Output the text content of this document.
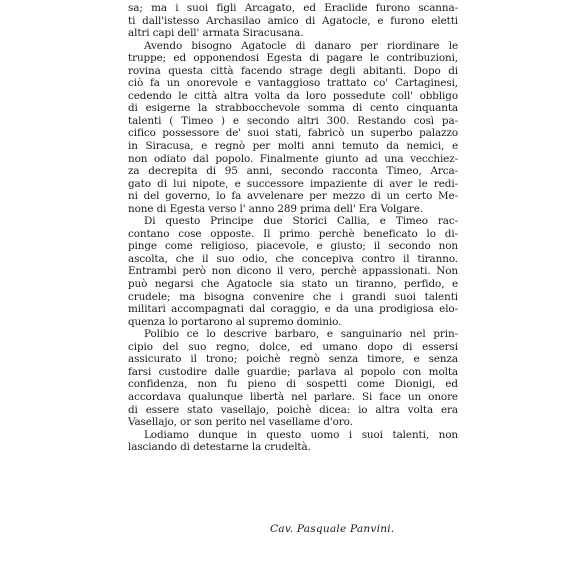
sa; ma i suoi figli Arcagato, ed Eraclide furono scanna-
ti dall'istesso Archasilao amico di Agatocle, e furono eletti
altri capi dell' armata Siracusana.
Avendo bisogno Agatocle di danaro per riordinare le
truppe; ed opponendosi Egesta di pagare le contribuzioni,
rovina questa città facendo strage degli abitanti. Dopo di
ciò fa un onorevole e vantaggioso trattato co' Cartaginesi,
cedendo le città altra volta da loro possedute coll' obbligo
di esigerne la strabbocchevole somma di cento cinquanta
talenti ( Timeo ) e secondo altri 300. Restando così pa-
cifico possessore de' suoi stati, fabricò un superbo palazzo
in Siracusa, e regnò per molti anni temuto da nemici, e
non odiato dal popolo. Finalmente giunto ad una vecchiez-
za decrepita di 95 anni, secondo racconta Timeo, Arca-
gato di lui nipote, e successore impaziente di aver le redi-
ni del governo, lo fa avvelenare per mezzo di un certo Me-
none di Egesta verso l' anno 289 prima dell' Era Volgare.
Di questo Principe due Storici Callia, e Timeo rac-
contano cose opposte. Il primo perchè beneficato lo di-
pinge come religioso, piacevole, e giusto; il secondo non
ascolta, che il suo odio, che concepiva contro il tiranno.
Entrambi però non dicono il vero, perchè appassionati. Non
può negarsi che Agatocle sia stato un tiranno, perfido, e
crudele; ma bisogna convenire che i grandi suoi talenti
militari accompagnati dal coraggio, e da una prodigiosa elo-
quenza lo portarono al supremo dominio.
Polibio ce lo descrive barbaro, e sanguinario nel prin-
cipio del suo regno, dolce, ed umano dopo di essersi
assicurato il trono; poichè regnò senza timore, e senza
farsi custodire dalle guardie; parlava al popolo con molta
confidenza, non fu pieno di sospetti come Dionigi, ed
accordava qualunque libertà nel parlare. Si face un onore
di essere stato vasellajo, poichè dicea: io altra volta era
Vasellajo, or son perito nel vasellame d'oro.
Lodiamo dunque in questo uomo i suoi talenti, non
lasciando di detestarne la crudeltà.
Cav. Pasquale Panvini.
